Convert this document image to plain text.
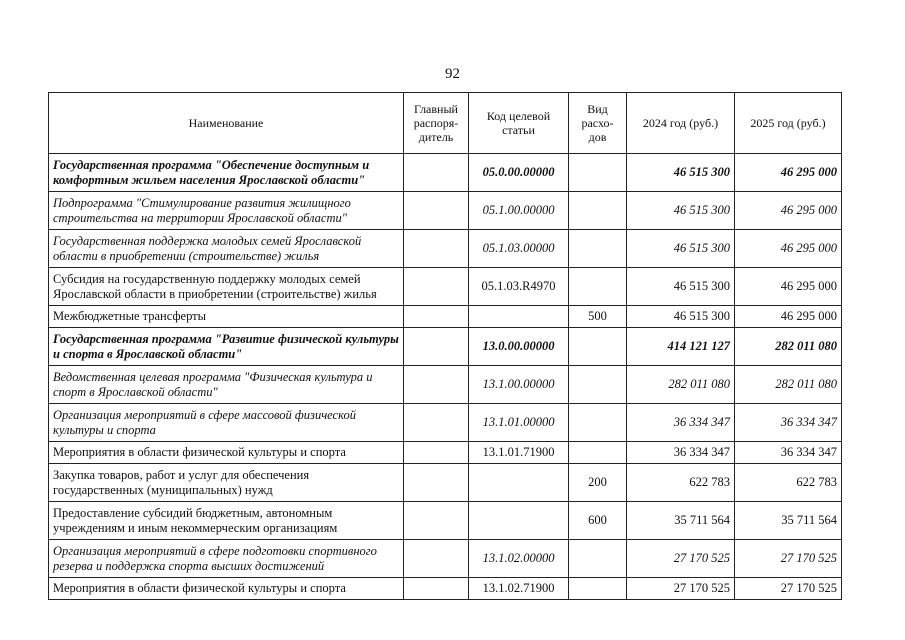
92
Наименование	Главный распоря-дитель	Код целевой статьи	Вид расхо-дов	2024 год (руб.)	2025 год (руб.)
Государственная программа "Обеспечение доступным и комфортным жильем населения Ярославской области"		05.0.00.00000		46 515 300	46 295 000
Подпрограмма "Стимулирование развития жилищного строительства на территории Ярославской области"		05.1.00.00000		46 515 300	46 295 000
Государственная поддержка молодых семей Ярославской области в приобретении (строительстве) жилья		05.1.03.00000		46 515 300	46 295 000
Субсидия на государственную поддержку молодых семей Ярославской области в приобретении (строительстве) жилья		05.1.03.R4970		46 515 300	46 295 000
Межбюджетные трансферты			500	46 515 300	46 295 000
Государственная программа "Развитие физической культуры и спорта в Ярославской области"		13.0.00.00000		414 121 127	282 011 080
Ведомственная целевая программа "Физическая культура и спорт в Ярославской области"		13.1.00.00000		282 011 080	282 011 080
Организация мероприятий в сфере массовой физической культуры и спорта		13.1.01.00000		36 334 347	36 334 347
Мероприятия в области физической культуры и спорта		13.1.01.71900		36 334 347	36 334 347
Закупка товаров, работ и услуг для обеспечения государственных (муниципальных) нужд			200	622 783	622 783
Предоставление субсидий бюджетным, автономным учреждениям и иным некоммерческим организациям			600	35 711 564	35 711 564
Организация мероприятий в сфере подготовки спортивного резерва и поддержка спорта высших достижений		13.1.02.00000		27 170 525	27 170 525
Мероприятия в области физической культуры и спорта		13.1.02.71900		27 170 525	27 170 525
